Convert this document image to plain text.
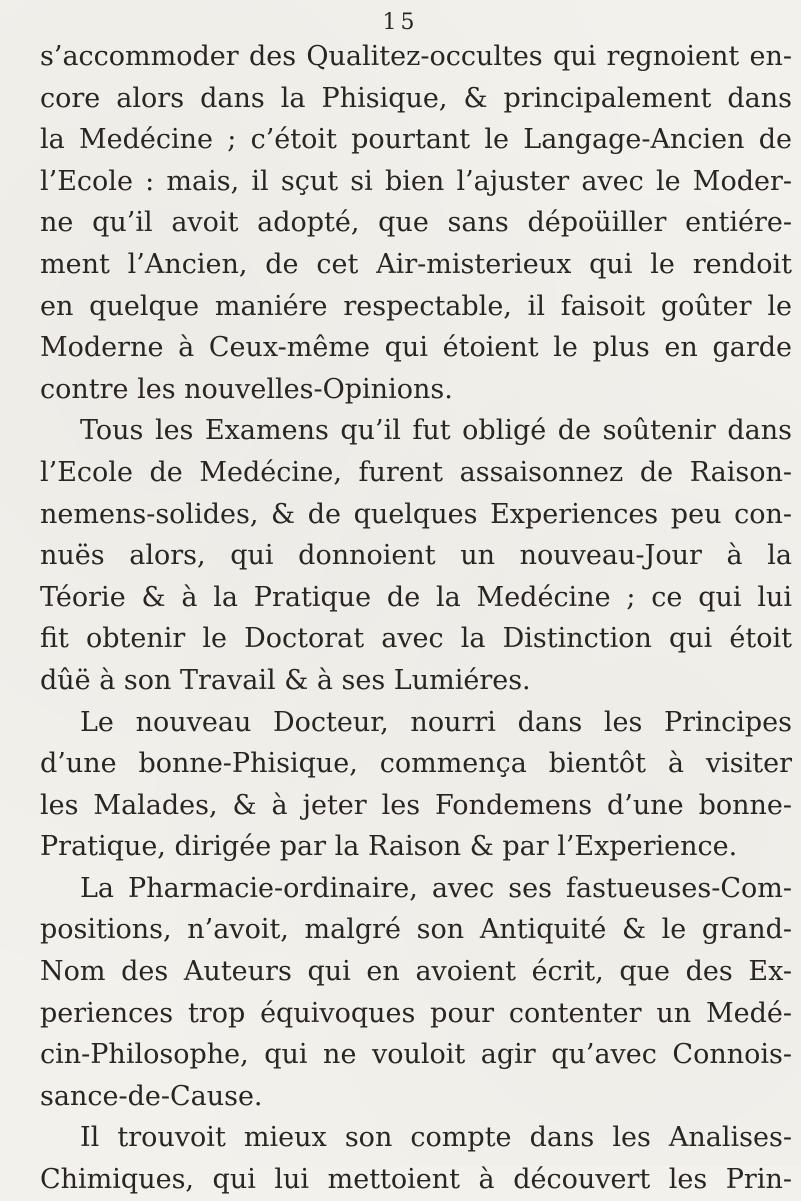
15
s’accommoder des Qualitez-occultes qui regnoient en-
core alors dans la Phisique, & principalement dans
la Medécine ; c’étoit pourtant le Langage-Ancien de
l’Ecole : mais, il sçut si bien l’ajuster avec le Moder-
ne qu’il avoit adopté, que sans dépoüiller entiére-
ment l’Ancien, de cet Air-misterieux qui le rendoit
en quelque maniére respectable, il faisoit goûter le
Moderne à Ceux-même qui étoient le plus en garde
contre les nouvelles-Opinions.
Tous les Examens qu’il fut obligé de soûtenir dans
l’Ecole de Medécine, furent assaisonnez de Raison-
nemens-solides, & de quelques Experiences peu con-
nuës alors, qui donnoient un nouveau-Jour à la
Téorie & à la Pratique de la Medécine ; ce qui lui
fit obtenir le Doctorat avec la Distinction qui étoit
dûë à son Travail & à ses Lumiéres.
Le nouveau Docteur, nourri dans les Principes
d’une bonne-Phisique, commença bientôt à visiter
les Malades, & à jeter les Fondemens d’une bonne-
Pratique, dirigée par la Raison & par l’Experience.
La Pharmacie-ordinaire, avec ses fastueuses-Com-
positions, n’avoit, malgré son Antiquité & le grand-
Nom des Auteurs qui en avoient écrit, que des Ex-
periences trop équivoques pour contenter un Medé-
cin-Philosophe, qui ne vouloit agir qu’avec Connois-
sance-de-Cause.
Il trouvoit mieux son compte dans les Analises-
Chimiques, qui lui mettoient à découvert les Prin-
